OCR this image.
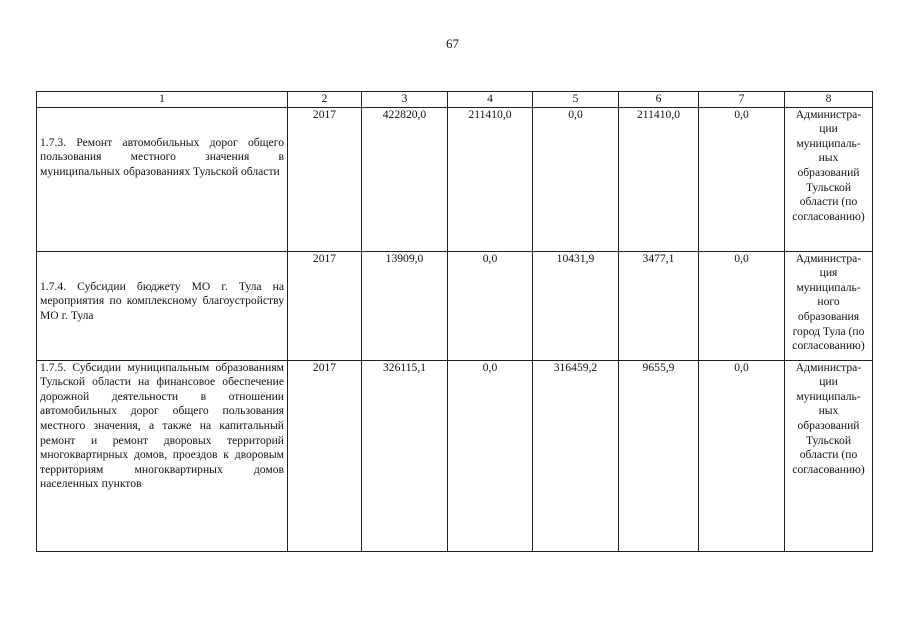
67
1	2	3	4	5	6	7	8

1.7.3. Ремонт автомобильных дорог общего пользования местного значения в муниципальных образованиях Тульской области	2017	422820,0	211410,0	0,0	211410,0	0,0	Администра-ции муниципаль-ных образований Тульской области (по согласованию)

1.7.4. Субсидии бюджету МО г. Тула на мероприятия по комплексному благоустройству МО г. Тула	2017	13909,0	0,0	10431,9	3477,1	0,0	Администра-ция муниципаль-ного образования город Тула (по согласованию)
1.7.5. Субсидии муниципальным образованиям Тульской области на финансовое обеспечение дорожной деятельности в отношении автомобильных дорог общего пользования местного значения, а также на капитальный ремонт и ремонт дворовых территорий многоквартирных домов, проездов к дворовым территориям многоквартирных домов населенных пунктов	2017	326115,1	0,0	316459,2	9655,9	0,0	Администра-ции муниципаль-ных образований Тульской области (по согласованию)
